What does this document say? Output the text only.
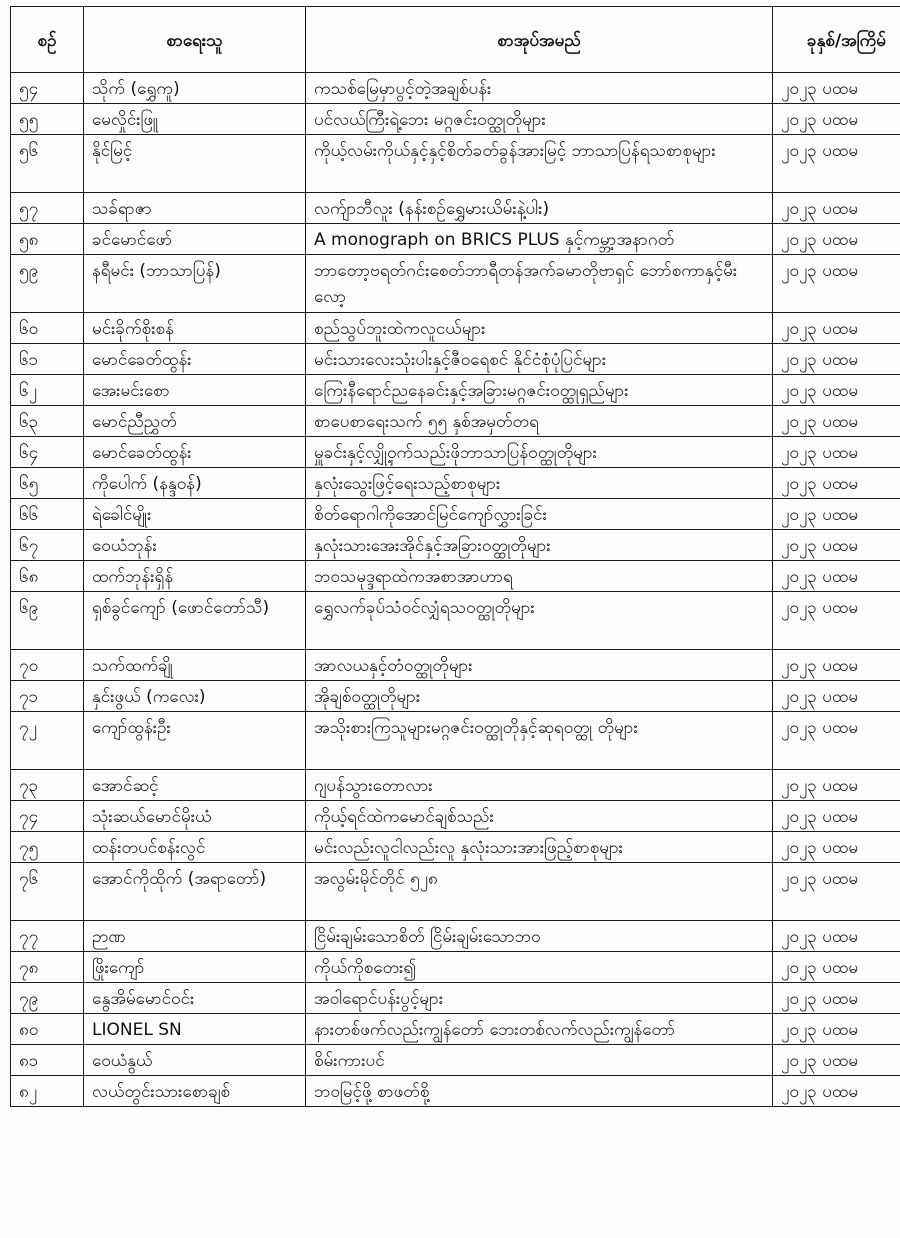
စဉ်	စာရေးသူ	စာအုပ်အမည်	ခုနှစ်/အကြိမ်
၅၄	သိုက် (ရွှေကူ)	ကသစ်မြေမှာပွင့်တဲ့အချစ်ပန်း	၂၀၂၃ ပထမ
၅၅	မေလှိုင်းဖြူ	ပင်လယ်ကြီးရဲ့ဘေး မဂ္ဂဇင်းဝတ္ထုတိုများ	၂၀၂၃ ပထမ
၅၆	နိုင်မြင့်	ကိုယ့်လမ်းကိုယ်နှင့်နှင့်စိတ်ခတ်ခွန်အားမြင့် ဘာသာပြန်ရသစာစုများ	၂၀၂၃ ပထမ
၅၇	သခ်ရာဇာ	လက်ျာဘီလူး (နန်းစဉ်ရွှေမားယိမ်းနဲ့ပါး)	၂၀၂၃ ပထမ
၅၈	ခင်မောင်ဖော်	A monograph on BRICS PLUS နှင့်ကမ္ဘာ့အနာဂတ်	၂၀၂၃ ပထမ
၅၉	နရီမင်း (ဘာသာပြန်)	ဘာတော့ဗရတ်ဂင်းစေတ်ဘာရီတန်အက်ခမာတိုဗာရှင် ဘော်စကာနှင့်မီးလော့	၂၀၂၃ ပထမ
၆၀	မင်းခိုက်စိုးစန်	စည်သွပ်ဘူးထဲကလူငယ်များ	၂၀၂၃ ပထမ
၆၁	မောင်ခေတ်ထွန်း	မင်းသားလေးသုံးပါးနှင့်ဇီဝရေစင် နိုင်ငံစုံပုံပြင်များ	၂၀၂၃ ပထမ
၆၂	အေးမင်းစော	ကြေးနီရောင်ညနေခင်းနှင့်အခြားမဂ္ဂဇင်းဝတ္ထုရှည်များ	၂၀၂၃ ပထမ
၆၃	မောင်ညီညွှတ်	စာပေစာရေးသက် ၅၅ နှစ်အမှတ်တရ	၂၀၂၃ ပထမ
၆၄	မောင်ခေတ်ထွန်း	မှူခင်းနှင့်လျှို့ဝှက်သည်းဖိုဘာသာပြန်ဝတ္ထုတိုများ	၂၀၂၃ ပထမ
၆၅	ကိုပေါက် (နန္ဒဝန်)	နှလုံးသွေးဖြင့်ရေးသည့်စာစုများ	၂၀၂၃ ပထမ
၆၆	ရဲခေါင်မျိုး	စိတ်ရောဂါကိုအောင်မြင်ကျော်လွှားခြင်း	၂၀၂၃ ပထမ
၆၇	ဝေယံဘုန်း	နှလုံးသားအေးအိုင်နှင့်အခြားဝတ္ထုတိုများ	၂၀၂၃ ပထမ
၆၈	ထက်ဘုန်းရှိန်	ဘဝသမုဒ္ဒရာထဲကအစာအာဟာရ	၂၀၂၃ ပထမ
၆၉	ရှစ်ခွင်ကျော် (ဖောင်တော်သီ)	ရွှေလက်ခုပ်သံဝင်လျှံရသဝတ္ထုတိုများ	၂၀၂၃ ပထမ
၇၀	သက်ထက်ချို	အာလယနှင့်တံဝတ္ထုတိုများ	၂၀၂၃ ပထမ
၇၁	နှင်းဖွယ် (ကလေး)	အိုချစ်ဝတ္ထုတိုများ	၂၀၂၃ ပထမ
၇၂	ကျော်ထွန်းဦး	အသိုးစားကြသူများမဂ္ဂဇင်းဝတ္ထုတိုနှင့်ဆုရဝတ္ထု တိုများ	၂၀၂၃ ပထမ
၇၃	အောင်ဆင့်	ဂျပန်သွားတောလား	၂၀၂၃ ပထမ
၇၄	သုံးဆယ်မောင်မိုးယံ	ကိုယ့်ရင်ထဲကမောင်ချစ်သည်း	၂၀၂၃ ပထမ
၇၅	ထန်းတပင်စန်းလွင်	မင်းလည်းလူငါလည်းလူ နှလုံးသားအားဖြည့်စာစုများ	၂၀၂၃ ပထမ
၇၆	အောင်ကိုထိုက် (အရာတော်)	အလွမ်းမိုင်တိုင် ၅၂၈	၂၀၂၃ ပထမ
၇၇	ဉာဏ	ငြိမ်းချမ်းသောစိတ် ငြိမ်းချမ်းသောဘဝ	၂၀၂၃ ပထမ
၇၈	ဖြိုးကျော်	ကိုယ်ကိုစတေး၍	၂၀၂၃ ပထမ
၇၉	နွေအိမ်မောင်ဝင်း	အဝါရောင်ပန်းပွင့်များ	၂၀၂၃ ပထမ
၈၀	LIONEL SN	နားတစ်ဖက်လည်းကျွန်တော် ဘေးတစ်လက်လည်းကျွန်တော်	၂၀၂၃ ပထမ
၈၁	ဝေယံနွယ်	စိမ်းကားပင်	၂၀၂၃ ပထမ
၈၂	လယ်တွင်းသားစောချစ်	ဘဝမြင့်ဖို့ စာဖတ်စို့	၂၀၂၃ ပထမ
